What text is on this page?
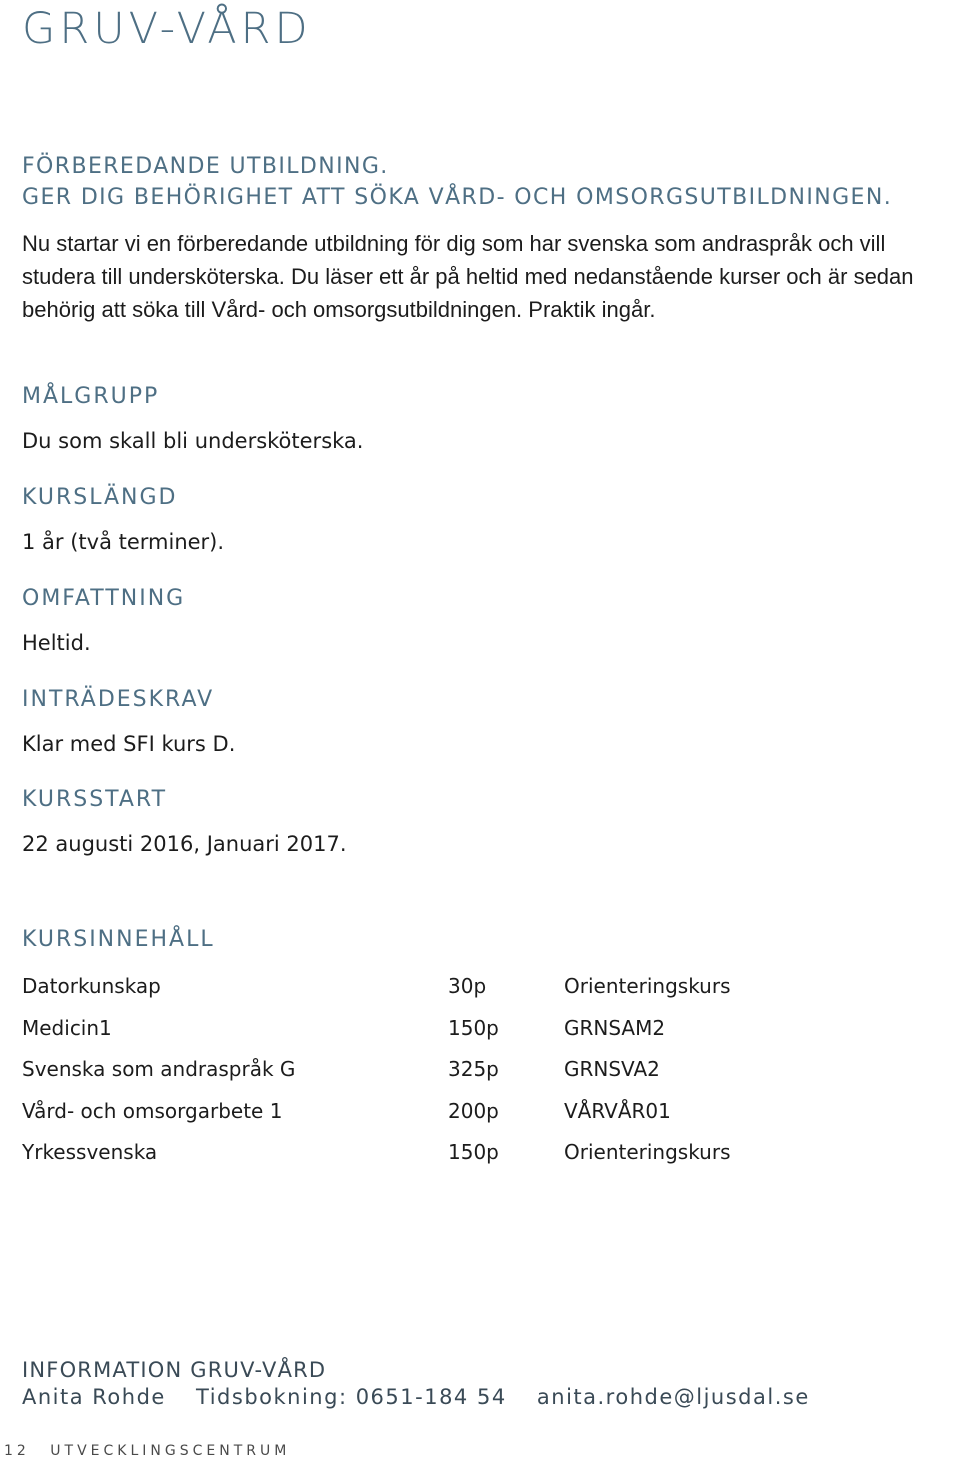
GRUV-VÅRD
FÖRBEREDANDE UTBILDNING.
GER DIG BEHÖRIGHET ATT SÖKA VÅRD- OCH OMSORGSUTBILDNINGEN.
Nu startar vi en förberedande utbildning för dig som har svenska som andraspråk och vill studera till undersköterska. Du läser ett år på heltid med nedanstående kurser och är sedan behörig att söka till Vård- och omsorgsutbildningen. Praktik ingår.
MÅLGRUPP
Du som skall bli undersköterska.
KURSLÄNGD
1 år (två terminer).
OMFATTNING
Heltid.
INTRÄDESKRAV
Klar med SFI kurs D.
KURSSTART
22 augusti 2016, Januari 2017.
KURSINNEHÅLL
Datorkunskap	30p	Orienteringskurs
Medicin1	150p	GRNSAM2
Svenska som andraspråk G	325p	GRNSVA2
Vård- och omsorgarbete 1	200p	VÅRVÅR01
Yrkessvenska	150p	Orienteringskurs
INFORMATION GRUV-VÅRD
Anita Rohde Tidsbokning: 0651-184 54 anita.rohde@ljusdal.se
12 UTVECKLINGSCENTRUM
